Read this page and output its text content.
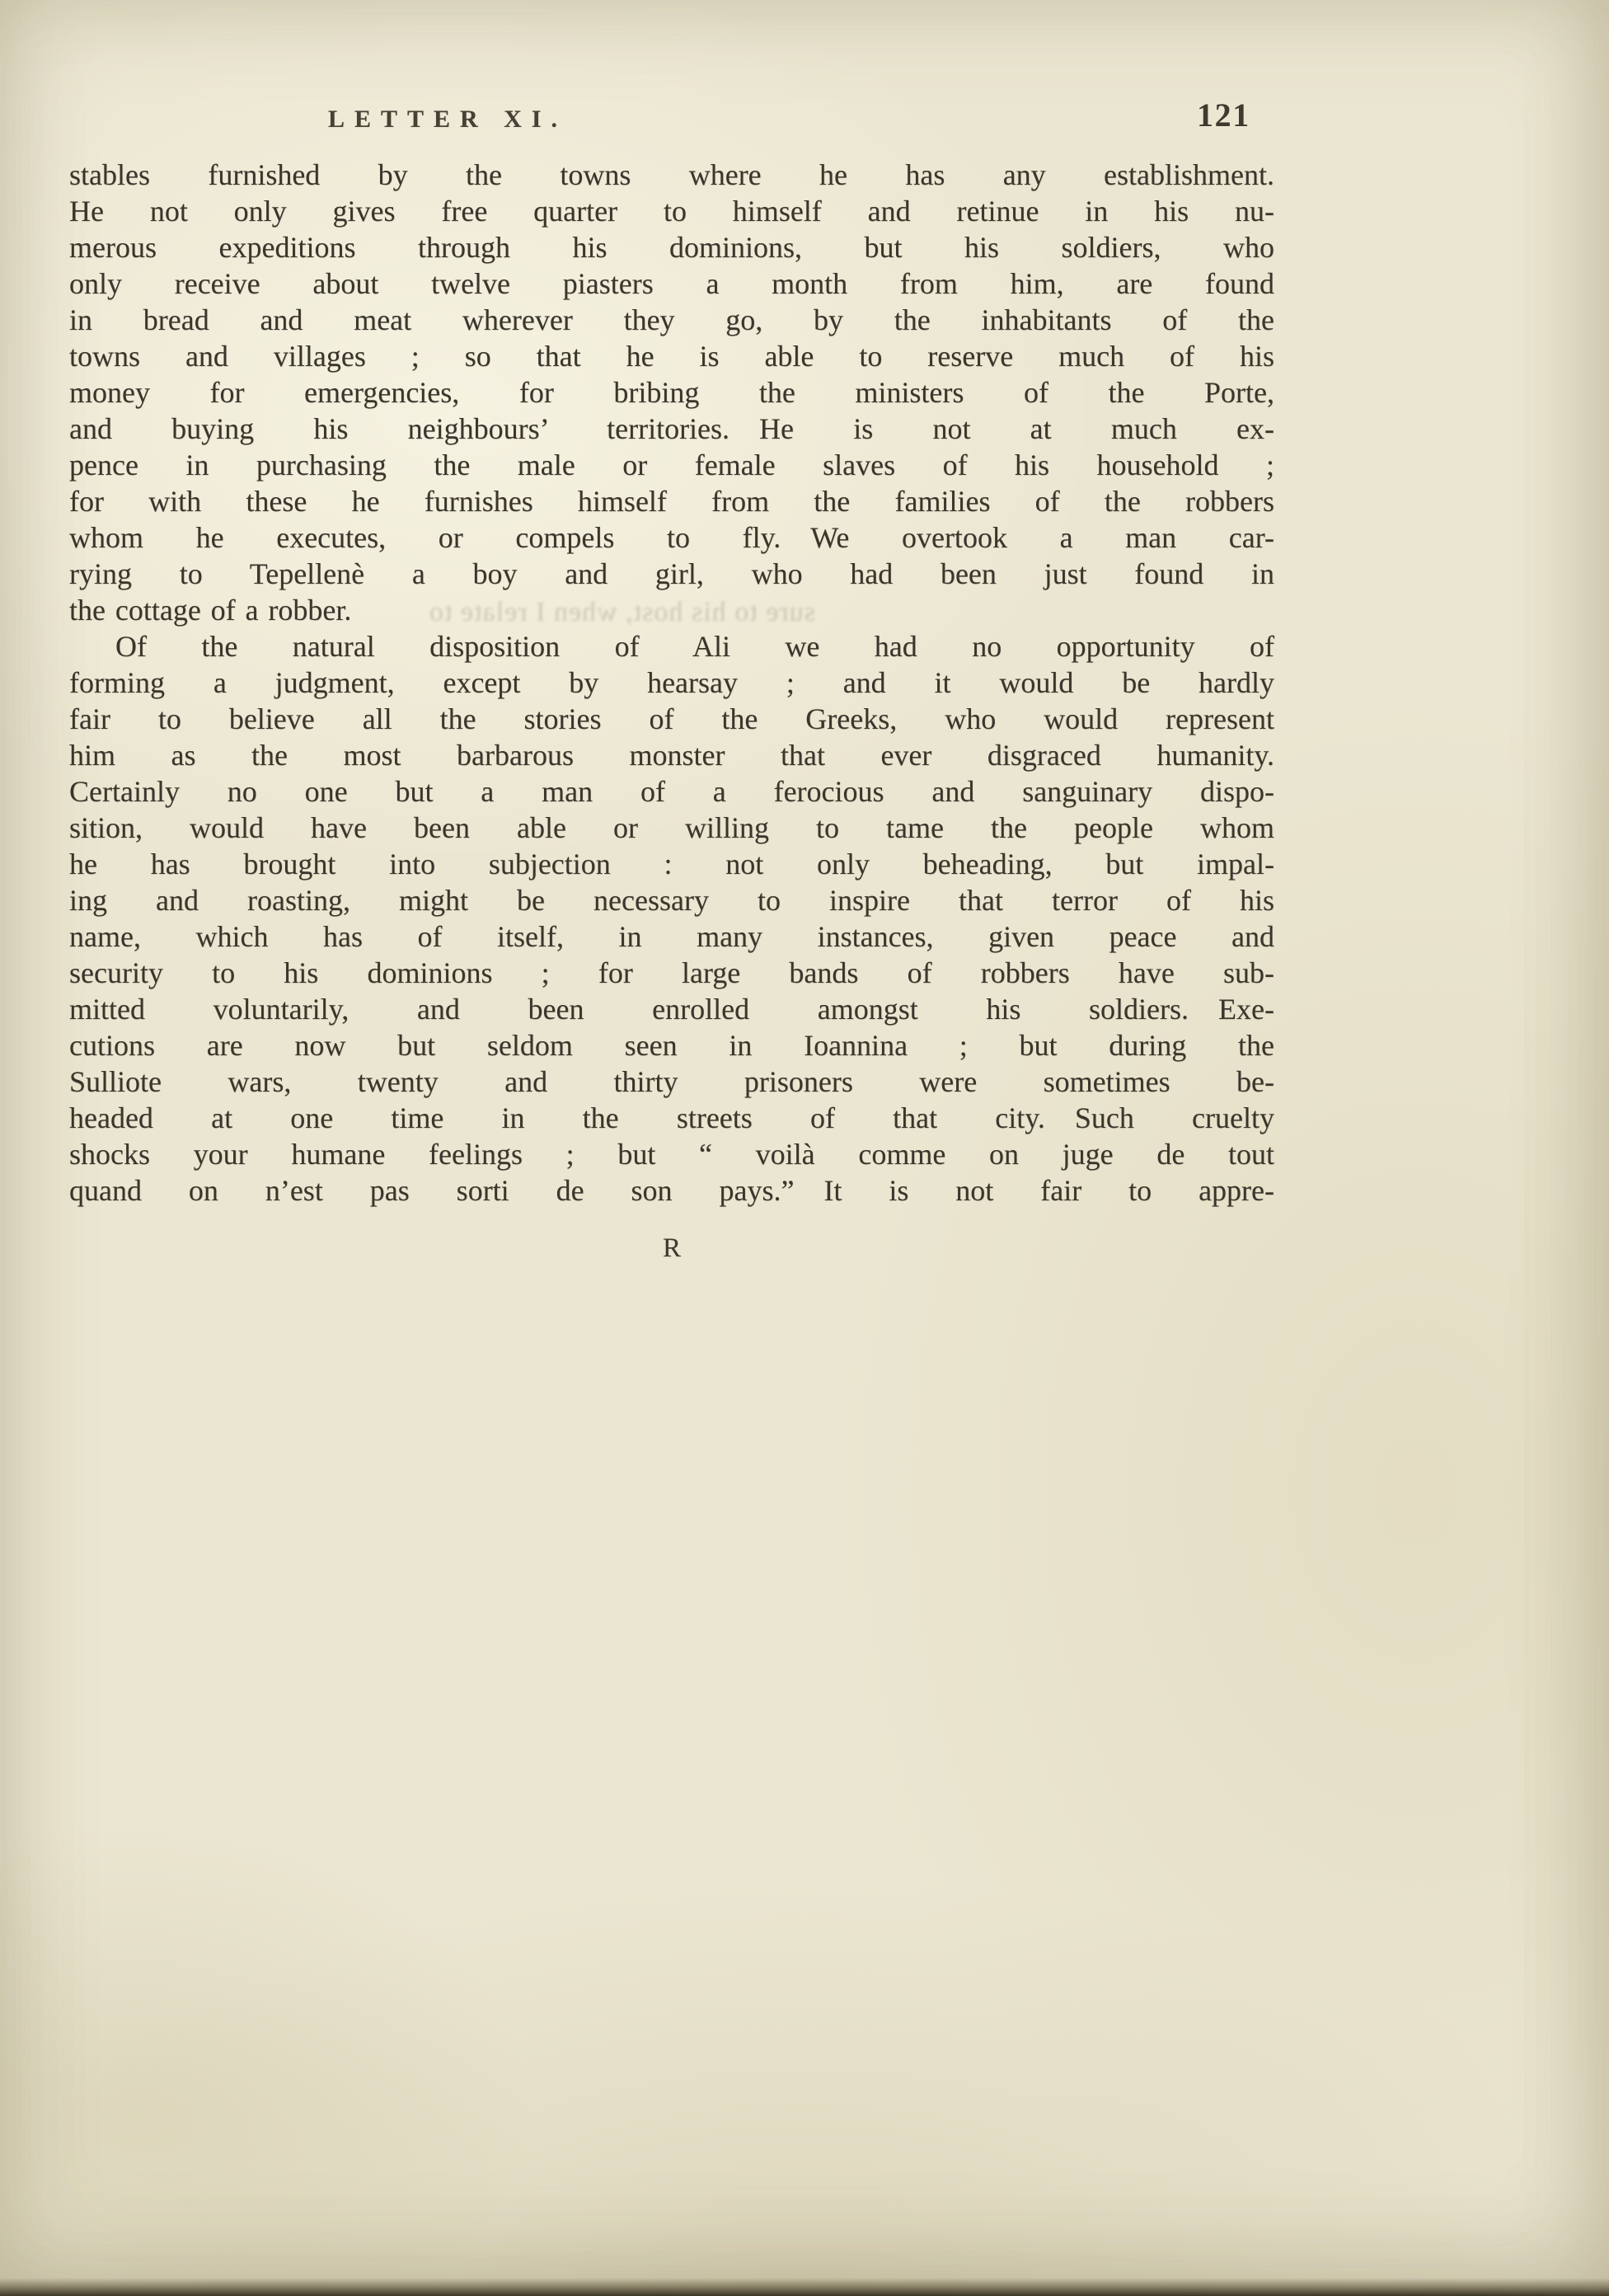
LETTER XI.	121
stables furnished by the towns where he has any establishment.
He not only gives free quarter to himself and retinue in his nu-
merous expeditions through his dominions, but his soldiers, who
only receive about twelve piasters a month from him, are found
in bread and meat wherever they go, by the inhabitants of the
towns and villages ; so that he is able to reserve much of his
money for emergencies, for bribing the ministers of the Porte,
and buying his neighbours’ territories. He is not at much ex-
pence in purchasing the male or female slaves of his household ;
for with these he furnishes himself from the families of the robbers
whom he executes, or compels to fly. We overtook a man car-
rying to Tepellenè a boy and girl, who had been just found in
the cottage of a robber.
Of the natural disposition of Ali we had no opportunity of
forming a judgment, except by hearsay ; and it would be hardly
fair to believe all the stories of the Greeks, who would represent
him as the most barbarous monster that ever disgraced humanity.
Certainly no one but a man of a ferocious and sanguinary dispo-
sition, would have been able or willing to tame the people whom
he has brought into subjection : not only beheading, but impal-
ing and roasting, might be necessary to inspire that terror of his
name, which has of itself, in many instances, given peace and
security to his dominions ; for large bands of robbers have sub-
mitted voluntarily, and been enrolled amongst his soldiers. Exe-
cutions are now but seldom seen in Ioannina ; but during the
Sulliote wars, twenty and thirty prisoners were sometimes be-
headed at one time in the streets of that city. Such cruelty
shocks your humane feelings ; but “ voilà comme on juge de tout
quand on n’est pas sorti de son pays.” It is not fair to appre-
sure to his host, when I relate to
R
